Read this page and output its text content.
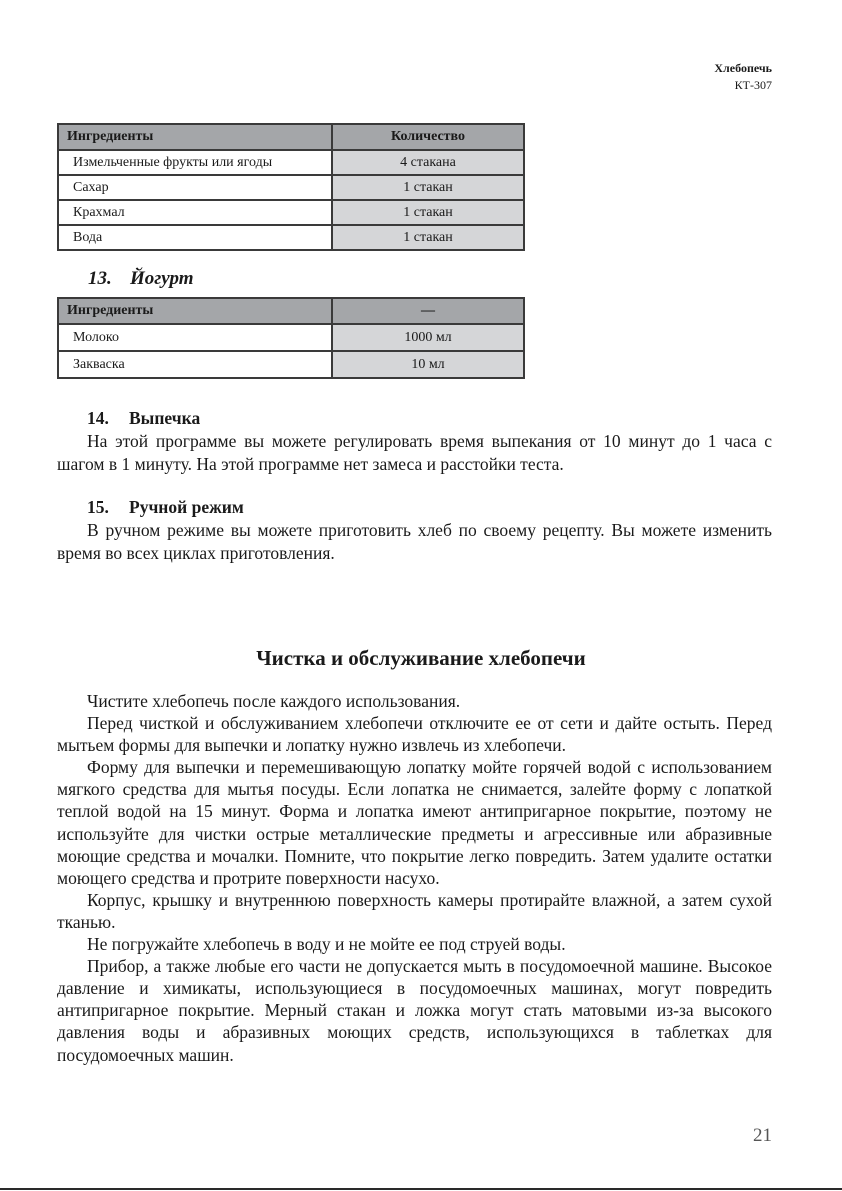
Хлебопечь
КТ-307
Ингредиенты	Количество
Измельченные фрукты или ягоды	4 стакана
Сахар	1 стакан
Крахмал	1 стакан
Вода	1 стакан
13. Йогурт
Ингредиенты	—
Молоко	1000 мл
Закваска	10 мл
14. Выпечка

На этой программе вы можете регулировать время выпекания от 10 минут до 1 часа с шагом в 1 минуту. На этой программе нет замеса и расстойки теста.

15. Ручной режим

В ручном режиме вы можете приготовить хлеб по своему рецепту. Вы можете изменить время во всех циклах приготовления.

Чистка и обслуживание хлебопечи

Чистите хлебопечь после каждого использования.

Перед чисткой и обслуживанием хлебопечи отключите ее от сети и дайте остыть. Перед мытьем формы для выпечки и лопатку нужно извлечь из хлебопечи.

Форму для выпечки и перемешивающую лопатку мойте горячей водой с использованием мягкого средства для мытья посуды. Если лопатка не снимается, залейте форму с лопаткой теплой водой на 15 минут. Форма и лопатка имеют антипригарное покрытие, поэтому не используйте для чистки острые металлические предметы и агрессивные или абразивные моющие средства и мочалки. Помните, что покрытие легко повредить. Затем удалите остатки моющего средства и протрите поверхности насухо.

Корпус, крышку и внутреннюю поверхность камеры протирайте влажной, а затем сухой тканью.

Не погружайте хлебопечь в воду и не мойте ее под струей воды.

Прибор, а также любые его части не допускается мыть в посудомоечной машине. Высокое давление и химикаты, использующиеся в посудомоечных машинах, могут повредить антипригарное покрытие. Мерный стакан и ложка могут стать матовыми из-за высокого давления воды и абразивных моющих средств, использующихся в таблетках для посудомоечных машин.

21
